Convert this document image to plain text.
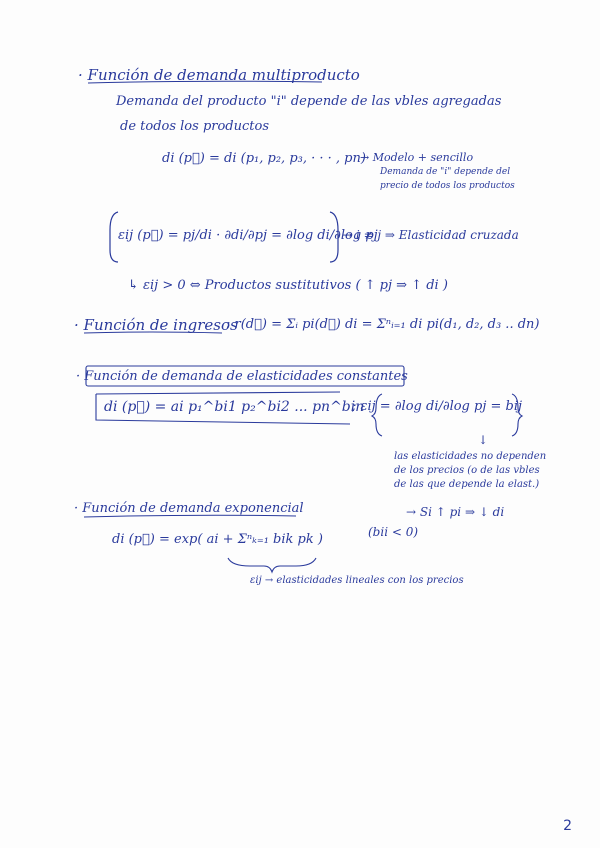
· Función de demanda multiproducto
Demanda del producto "i" depende de las vbles agregadas
de todos los productos
di (p⃗) = di (p₁, p₂, p₃, · · · , pn)
→ Modelo + sencillo
Demanda de "i" depende del
precio de todos los productos
εij (p⃗) = pj/di · ∂di/∂pj = ∂log di/∂log pj
→ i ≠ j ⇒ Elasticidad cruzada
↳ εij > 0 ⇔ Productos sustitutivos ( ↑ pj ⇒ ↑ di )
· Función de ingresos
: r(d⃗) = Σᵢ pi(d⃗) di = Σⁿᵢ₌₁ di pi(d₁, d₂, d₃ .. dn)
· Función de demanda de elasticidades constantes
di (p⃗) = ai p₁^bi1 p₂^bi2 ... pn^bin
; εij = ∂log di/∂log pj = bij
↓
las elasticidades no dependen
de los precios (o de las vbles
de las que depende la elast.)
· Función de demanda exponencial
di (p⃗) = exp( ai + Σⁿₖ₌₁ bik pk )
→ Si ↑ pi ⇒ ↓ di
(bii < 0)
εij → elasticidades lineales con los precios
2
